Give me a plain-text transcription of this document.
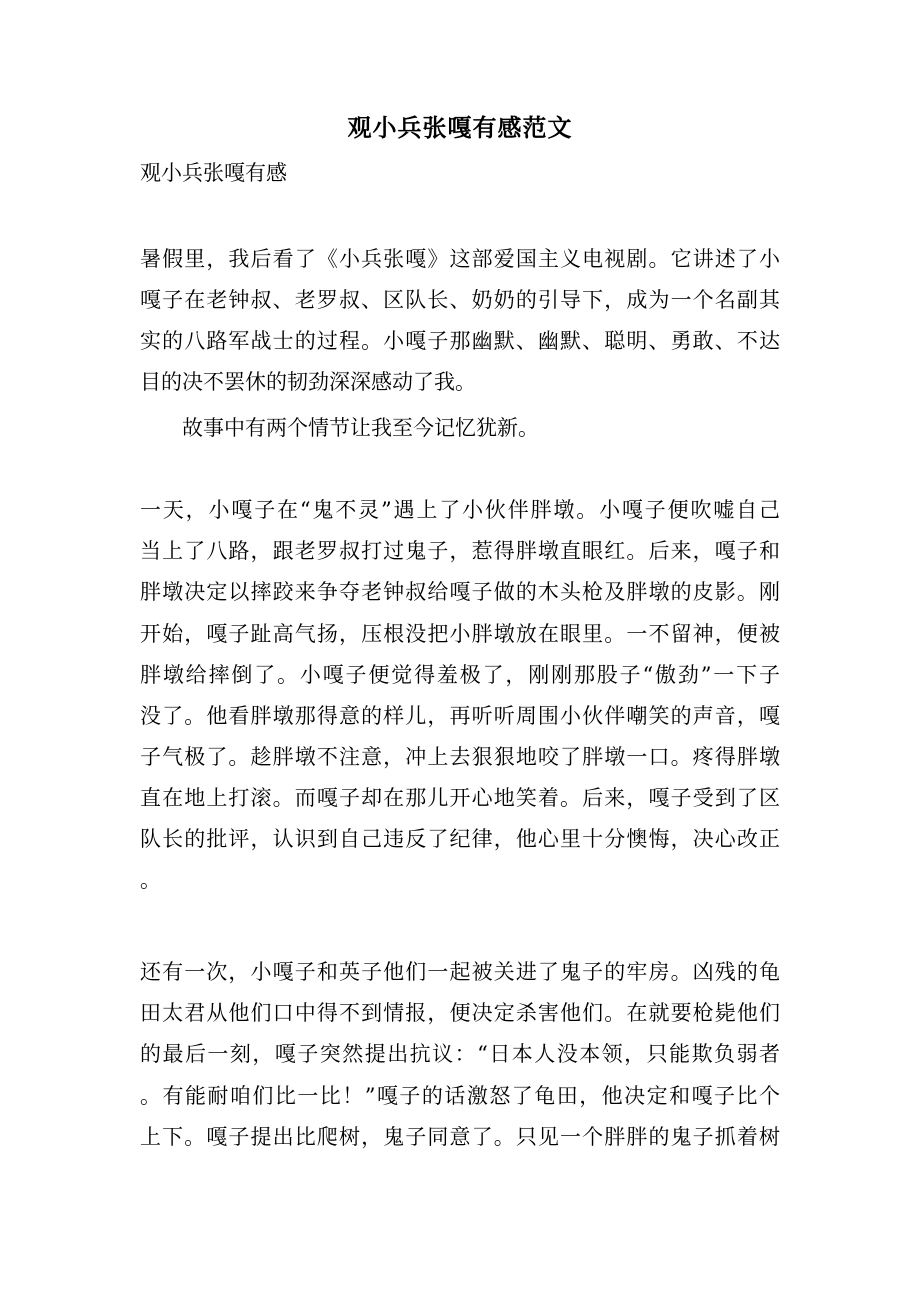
观小兵张嘎有感范文
观小兵张嘎有感
暑假里，我后看了《小兵张嘎》这部爱国主义电视剧。它讲述了小
嘎子在老钟叔、老罗叔、区队长、奶奶的引导下，成为一个名副其
实的八路军战士的过程。小嘎子那幽默、幽默、聪明、勇敢、不达
目的决不罢休的韧劲深深感动了我。
故事中有两个情节让我至今记忆犹新。
一天，小嘎子在“鬼不灵”遇上了小伙伴胖墩。小嘎子便吹嘘自己
当上了八路，跟老罗叔打过鬼子，惹得胖墩直眼红。后来，嘎子和
胖墩决定以摔跤来争夺老钟叔给嘎子做的木头枪及胖墩的皮影。刚
开始，嘎子趾高气扬，压根没把小胖墩放在眼里。一不留神，便被
胖墩给摔倒了。小嘎子便觉得羞极了，刚刚那股子“傲劲”一下子
没了。他看胖墩那得意的样儿，再听听周围小伙伴嘲笑的声音，嘎
子气极了。趁胖墩不注意，冲上去狠狠地咬了胖墩一口。疼得胖墩
直在地上打滚。而嘎子却在那儿开心地笑着。后来，嘎子受到了区
队长的批评，认识到自己违反了纪律，他心里十分懊悔，决心改正
。
还有一次，小嘎子和英子他们一起被关进了鬼子的牢房。凶残的龟
田太君从他们口中得不到情报，便决定杀害他们。在就要枪毙他们
的最后一刻，嘎子突然提出抗议：“日本人没本领，只能欺负弱者
。有能耐咱们比一比！”嘎子的话激怒了龟田，他决定和嘎子比个
上下。嘎子提出比爬树，鬼子同意了。只见一个胖胖的鬼子抓着树
